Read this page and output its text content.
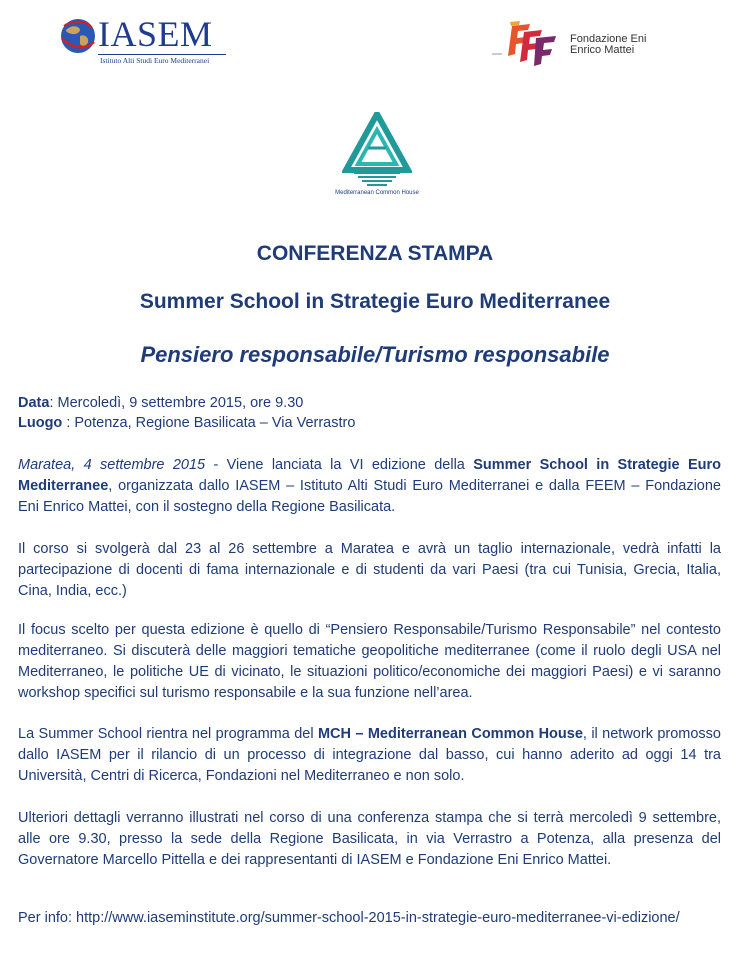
IASEM
Istituto Alti Studi Euro Mediterranei
Fondazione Eni
Enrico Mattei
Mediterranean Common House
CONFERENZA STAMPA
Summer School in Strategie Euro Mediterranee
Pensiero responsabile/Turismo responsabile
Data: Mercoledì, 9 settembre 2015, ore 9.30
Luogo : Potenza, Regione Basilicata – Via Verrastro

Maratea, 4 settembre 2015 - Viene lanciata la VI edizione della Summer School in Strategie Euro Mediterranee, organizzata dallo IASEM – Istituto Alti Studi Euro Mediterranei e dalla FEEM – Fondazione Eni Enrico Mattei, con il sostegno della Regione Basilicata.

Il corso si svolgerà dal 23 al 26 settembre a Maratea e avrà un taglio internazionale, vedrà infatti la partecipazione di docenti di fama internazionale e di studenti da vari Paesi (tra cui Tunisia, Grecia, Italia, Cina, India, ecc.)

Il focus scelto per questa edizione è quello di “Pensiero Responsabile/Turismo Responsabile” nel contesto mediterraneo. Si discuterà delle maggiori tematiche geopolitiche mediterranee (come il ruolo degli USA nel Mediterraneo, le politiche UE di vicinato, le situazioni politico/economiche dei maggiori Paesi) e vi saranno workshop specifici sul turismo responsabile e la sua funzione nell’area.

La Summer School rientra nel programma del MCH – Mediterranean Common House, il network promosso dallo IASEM per il rilancio di un processo di integrazione dal basso, cui hanno aderito ad oggi 14 tra Università, Centri di Ricerca, Fondazioni nel Mediterraneo e non solo.

Ulteriori dettagli verranno illustrati nel corso di una conferenza stampa che si terrà mercoledì 9 settembre, alle ore 9.30, presso la sede della Regione Basilicata, in via Verrastro a Potenza, alla presenza del Governatore Marcello Pittella e dei rappresentanti di IASEM e Fondazione Eni Enrico Mattei.

Per info: http://www.iaseminstitute.org/summer-school-2015-in-strategie-euro-mediterranee-vi-edizione/
